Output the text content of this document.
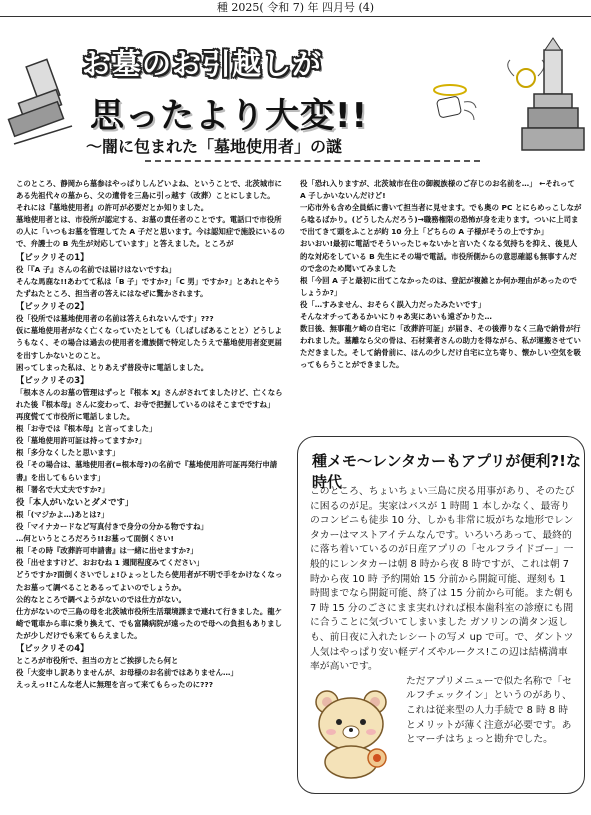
種 2025( 令和 7) 年 四月号 (4)
お墓のお引越しが
思ったより大変!!
～闇に包まれた「墓地使用者」の謎

このところ、静岡から墓参はやっぱりしんどいよね、ということで、北茨城市にある先祖代々の墓から、父の遺骨を三島に引っ越す（改葬）ことにしました。

それには『墓地使用者』の許可が必要だとか知りました。

墓地使用者とは、市役所が認定する、お墓の責任者のことです。電話口で市役所の人に「いつもお墓を管理してた A 子だと思います。今は認知症で施設にいるので、弁護士の B 先生が対応しています」と答えました。ところが

【ビックリその1】

役「『A 子』さんの名前では届けはないですね」

そんな馬鹿な!!あわてて私は「B 子」ですか?」「C 男」ですか?」とあれとやうたずねたところ、担当者の答えにはなぜに驚かされます。

【ビックリその2】

役「役所では墓地使用者の名前は答えられないんです」???

仮に墓地使用者がなく亡くなっていたとしても（しばしばあることと）どうしようもなく、その場合は過去の使用者を遺族側で特定したうえで墓地使用者変更届を出すしかないとのこと。

困ってしまった私は、とりあえず普段寺に電話しました。

【ビックリその3】

「根本さんのお墓の管理はずっと『根本 X』さんがされてましたけど、亡くなられた後『根本母』さんに変わって、お寺で把握しているのはそこまでですね」

再度慌てて市役所に電話しました。

根「お寺では『根本母』と言ってました」

役「墓地使用許可証は持ってますか?」

根「多分なくしたと思います」

役「その場合は、墓地使用者(=根本母?)の名前で『墓地使用許可証再発行申請書』を出してもらいます」

根「署名で大丈夫ですか?」

役「本人がいないとダメです」

根「(マジかよ…)あとは?」

役「マイナカードなど写真付きで身分の分かる物ですね」

…何というところだろう!!お墓って面倒くさい!

根「その時『改葬許可申請書』は一緒に出せますか?」

役「出せますけど、おおむね 1 週間程度みてください」

どうですか?面倒くさいでしょ!ひょっとしたら使用者が不明で手をかけなくなったお墓って調べることあるってよいのでしょうか。

公的なところで調べようがないのでは仕方がない。

仕方がないので三島の母を北茨城市役所生活環境課まで連れて行きました。龍ケ崎で電車から車に乗り換えて、でも富隣病院が遠ったので母への負担もありましたが少しだけでも来てもらえました。

【ビックリその4】

ところが市役所で、担当の方とご挨拶したら何と

役「大変申し訳ありませんが、お母様のお名前ではありません…」

えっえっ!!こんな老人に無理を言って来てもらったのに???

役「恐れ入りますが、北茨城市在住の御親族様のご存じのお名前を…」 ←それって A 子しかいないんだけど!

一応市外も含め全員紙に書いて担当者に見せます。でも奥の PC とにらめっこしながら唸るばかり。(どうしたんだろう)→職務権限の恐怖が身を走ります。ついに上司まで出てきて頭をふことが約 10 分上「どちらの A 子様がそうの上ですか」

おいおい!最初に電話でそういったじゃないかと言いたくなる気持ちを抑え、後見人的な対応をしている B 先生にその場で電話。市役所側からの意思確認も無事すんだので念のため聞いてみました

根「今回 A 子と最初に出てこなかったのは、登記が複雑とか何か理由があったのでしょうか?」

役「…すみません、おそらく誤入力だったみたいです」

そんなオチってあるかいにりゃあ実にあいも遠ざかりた…

数日後、無事龍ケ崎の自宅に「改葬許可証」が届き、その後滞りなく三島で納骨が行われました。墓離なら父の骨は、石材業者さんの助力を得ながら、私が運搬させていただきました。そして納骨前に、ほんの少しだけ自宅に立ち寄り、懐かしい空気を吸ってもらうことができました。

種メモ～レンタカーもアプリが便利?!な時代

このところ、ちょいちょい三島に戻る用事があり、そのたびに困るのが足。実家はバスが 1 時間 1 本しかなく、最寄りのコンビニも徒歩 10 分、しかも非常に坂がちな地形でレンタカーはマストアイテムなんです。いろいろあって、最終的に落ち着いているのが日産アプリの「セルフライドゴー」一般的にレンタカーは朝 8 時から夜 8 時ですが、これは朝 7 時から夜 10 時 予約開始 15 分前から開錠可能、遅刻も 1 時間までなら開錠可能、終了は 15 分前から可能。また朝も 7 時 15 分のごさにまま実れければ根本歯科室の診療にも間に合うことに気づいてしまいました ガソリンの満タン返しも、前日夜に入れたレシートの写メ up で可。で、ダントツ人気はやっぱり安い軽デイズやルークス!この辺は結構満車率が高いです。

ただアプリメニューで似た名称で「セルフチェックイン」というのがあり、これは従来型の人力手続で 8 時 8 時とメリットが薄く注意が必要です。あとマーチはちょっと勘弁でした。
